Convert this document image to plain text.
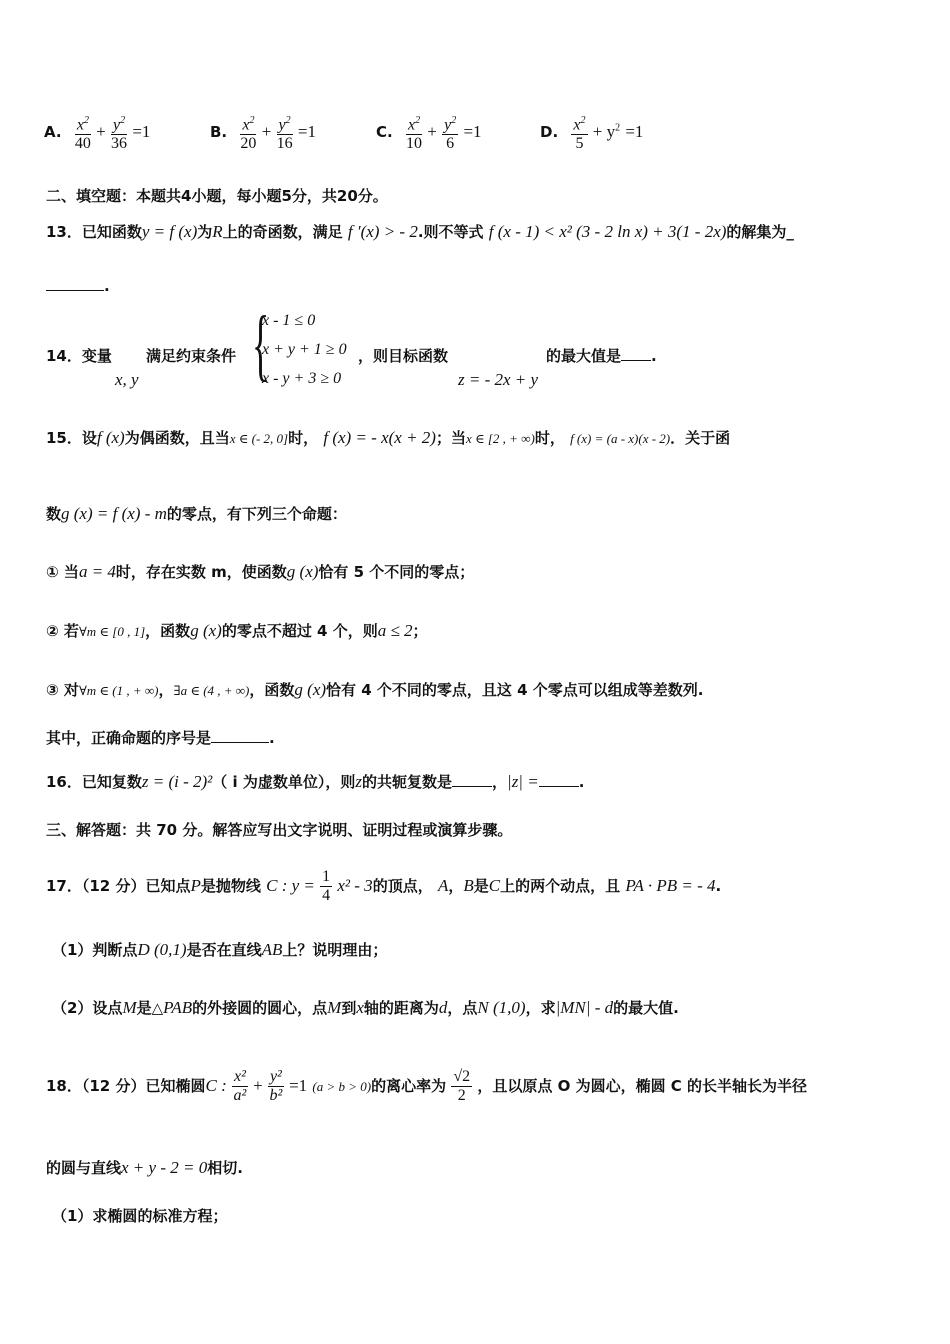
A. $\frac{x^2}{40} + \frac{y^2}{36} =1$	B. $\frac{x^2}{20} + \frac{y^2}{16} =1$	C. $\frac{x^2}{10} + \frac{y^2}{6} =1$	D. $\frac{x^2}{5} + y^2 =1$
二、填空题：本题共4小题，每小题5分，共20分。
13．已知函数y = f (x)为R上的奇函数，满足 f ′(x) > - 2.则不等式 f (x - 1) < x² (3 - 2 ln x) + 3(1 - 2x)的解集为_
.
14．变量
x, y
满足约束条件 {
x - 1 ≤ 0
x + y + 1 ≥ 0
x - y + 3 ≥ 0
，则目标函数
z = - 2x + y
的最大值是 .
15．设f (x)为偶函数，且当x ∈ (- 2, 0]时， f (x) = - x(x + 2)；当x ∈ [2 , + ∞)时， f (x) = (a - x)(x - 2)．关于函
数g (x) = f (x) - m的零点，有下列三个命题：
① 当a = 4时，存在实数 m，使函数g (x)恰有 5 个不同的零点；
② 若∀m ∈ [0 , 1]，函数g (x)的零点不超过 4 个，则a ≤ 2；
③ 对∀m ∈ (1 , + ∞)，∃a ∈ (4 , + ∞)，函数g (x)恰有 4 个不同的零点，且这 4 个零点可以组成等差数列.
其中，正确命题的序号是	.
16．已知复数z = (i - 2)²（ i 为虚数单位），则z的共轭复数是	，|z| =	.
三、解答题：共 70 分。解答应写出文字说明、证明过程或演算步骤。
17．（12 分）已知点P是抛物线 C : $y = \frac{1}{4} x^2 - 3$的顶点， A，B是C上的两个动点，且 PA · PB = - 4.
（1）判断点D (0,1)是否在直线AB上？说明理由；
（2）设点M是△PAB的外接圆的圆心，点M到x轴的距离为d，点N (1,0)，求|MN| - d的最大值.
18．（12 分）已知椭圆C : $\frac{\text{x²}}{\text{a²}} + \frac{\text{y²}}{\text{b²}} =1$ (a > b > 0)的离心率为 $\frac{√2}{2}$ ，且以原点 O 为圆心，椭圆 C 的长半轴长为半径
的圆与直线x + y - 2 = 0相切.
（1）求椭圆的标准方程；
